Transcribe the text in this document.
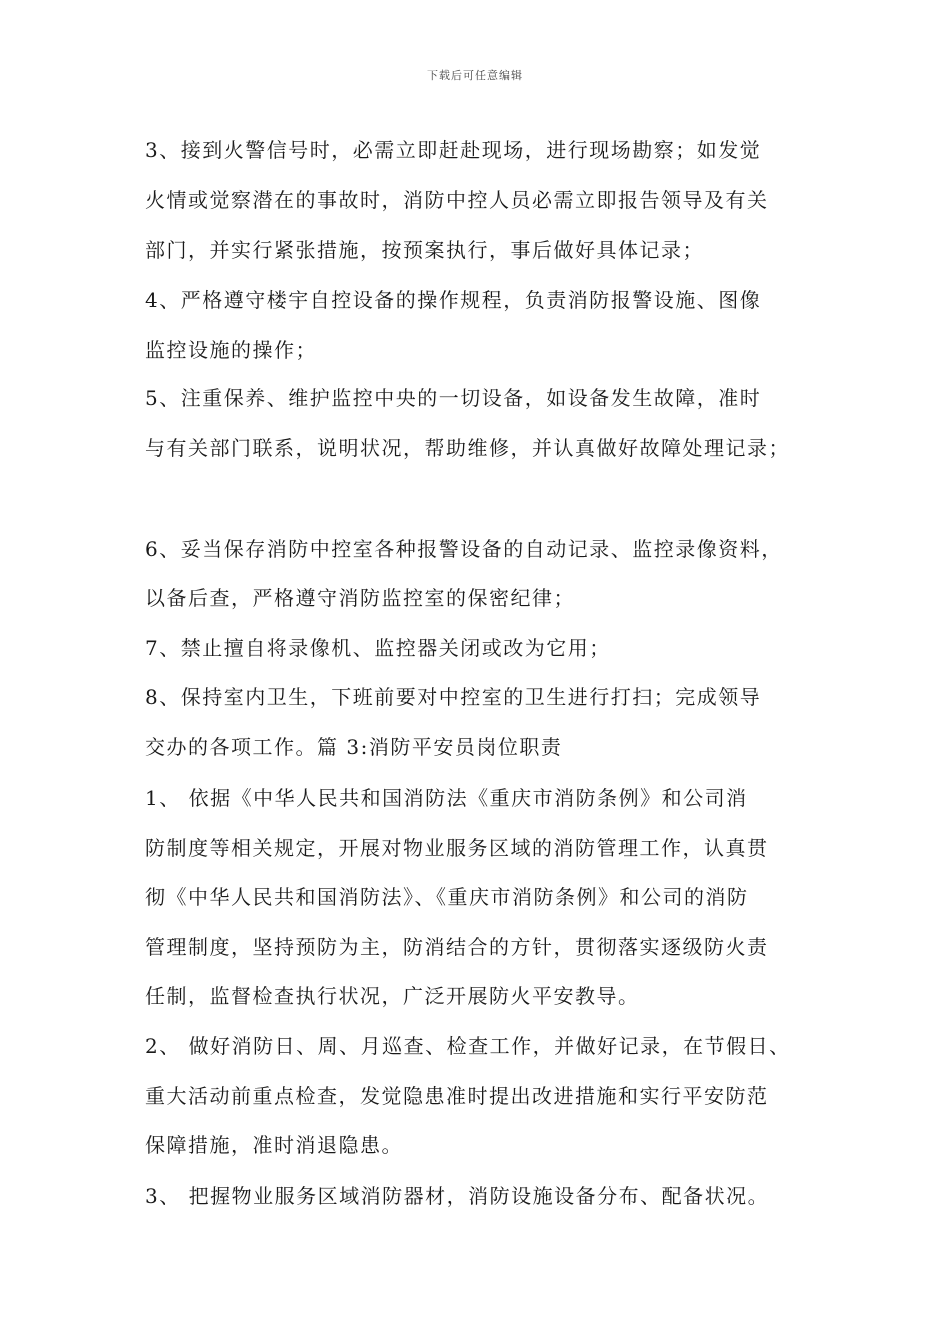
下载后可任意编辑
3、接到火警信号时，必需立即赶赴现场，进行现场勘察；如发觉
火情或觉察潜在的事故时，消防中控人员必需立即报告领导及有关
部门，并实行紧张措施，按预案执行，事后做好具体记录；
4、严格遵守楼宇自控设备的操作规程，负责消防报警设施、图像
监控设施的操作；
5、注重保养、维护监控中央的一切设备，如设备发生故障，准时
与有关部门联系，说明状况，帮助维修，并认真做好故障处理记录；
6、妥当保存消防中控室各种报警设备的自动记录、监控录像资料，
以备后查，严格遵守消防监控室的保密纪律；
7、禁止擅自将录像机、监控器关闭或改为它用；
8、保持室内卫生，下班前要对中控室的卫生进行打扫；完成领导
交办的各项工作。篇 3:消防平安员岗位职责
1、 依据《中华人民共和国消防法《重庆市消防条例》和公司消
防制度等相关规定，开展对物业服务区域的消防管理工作，认真贯
彻《中华人民共和国消防法》、《重庆市消防条例》和公司的消防
管理制度，坚持预防为主，防消结合的方针，贯彻落实逐级防火责
任制，监督检查执行状况，广泛开展防火平安教导。
2、 做好消防日、周、月巡查、检查工作，并做好记录，在节假日、
重大活动前重点检查，发觉隐患准时提出改进措施和实行平安防范
保障措施，准时消退隐患。
3、 把握物业服务区域消防器材，消防设施设备分布、配备状况。
